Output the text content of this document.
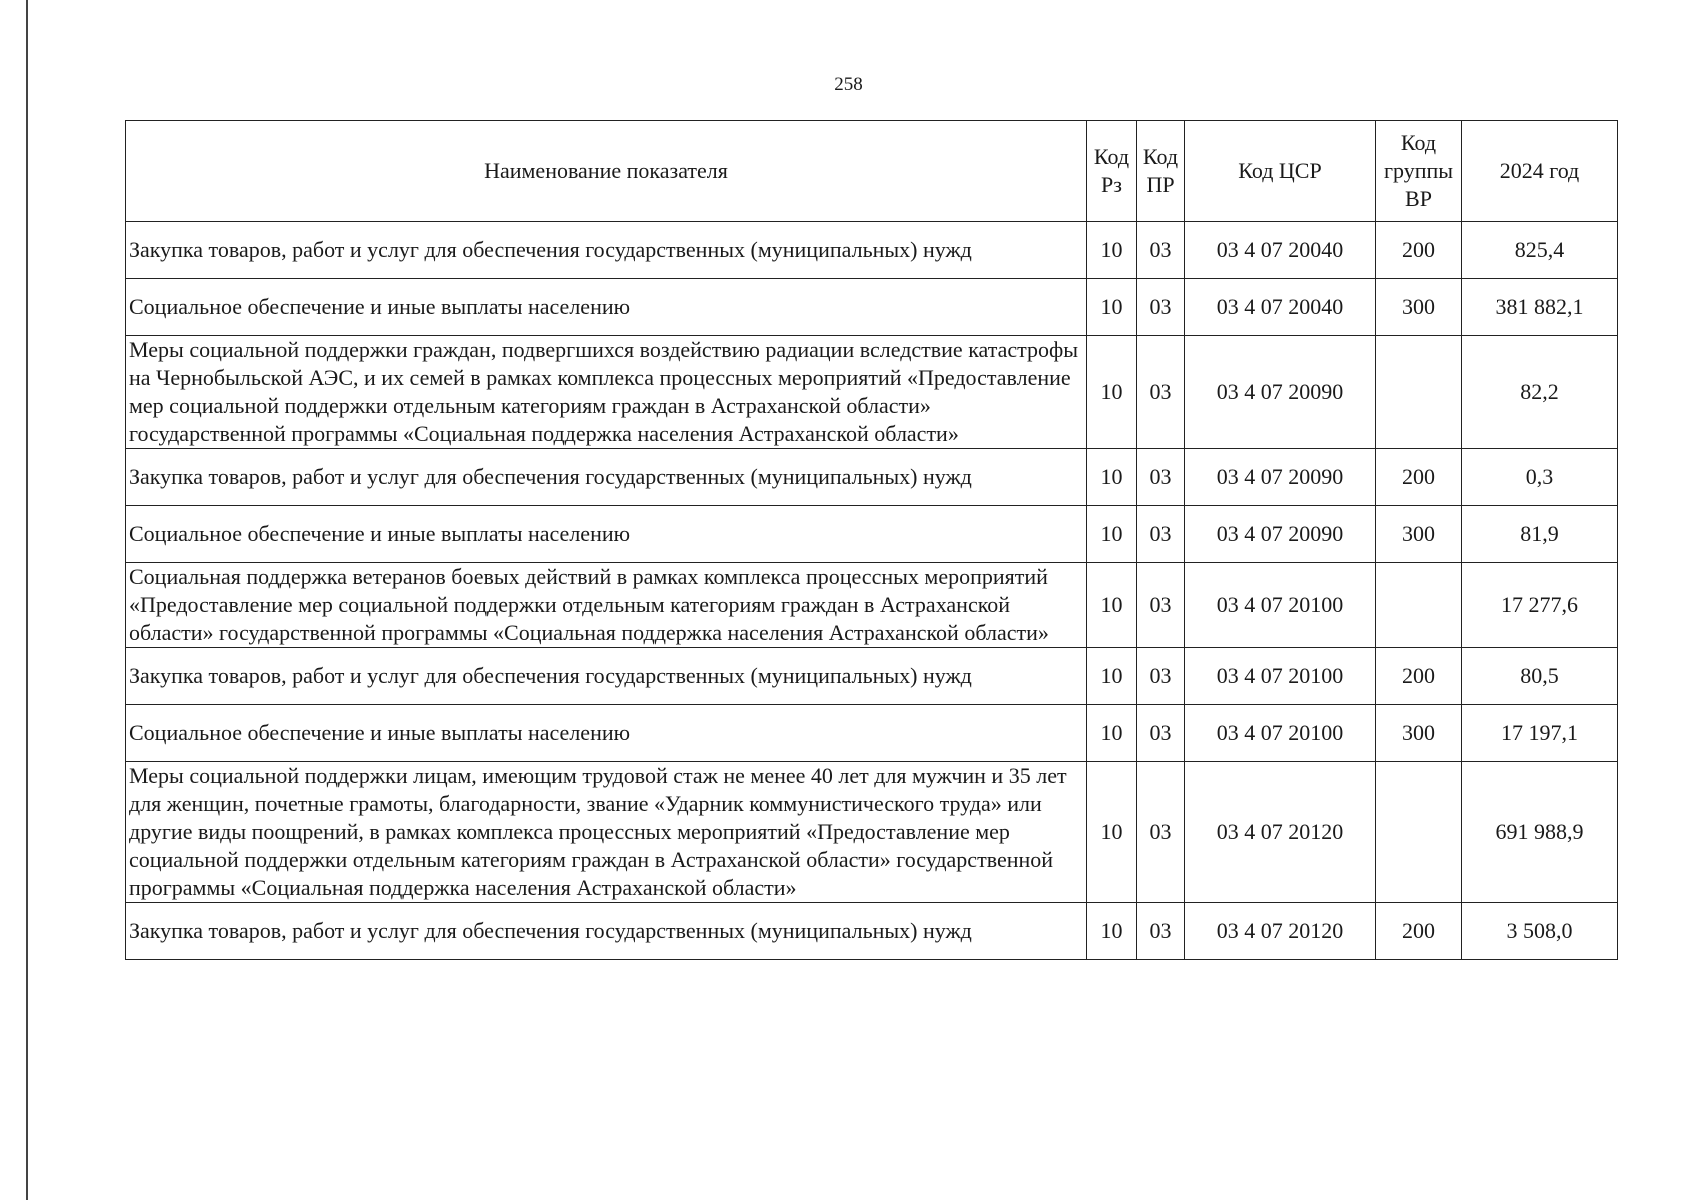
258
Наименование показателя	Код Рз	Код ПР	Код ЦСР	Код группы ВР	2024 год
Закупка товаров, работ и услуг для обеспечения государственных (муниципальных) нужд	10	03	03 4 07 20040	200	825,4
Социальное обеспечение и иные выплаты населению	10	03	03 4 07 20040	300	381 882,1
Меры социальной поддержки граждан, подвергшихся воздействию радиации вследствие катастрофы на Чернобыльской АЭС, и их семей в рамках комплекса процессных мероприятий «Предоставление мер социальной поддержки отдельным категориям граждан в Астраханской области» государственной программы «Социальная поддержка населения Астраханской области»	10	03	03 4 07 20090		82,2
Закупка товаров, работ и услуг для обеспечения государственных (муниципальных) нужд	10	03	03 4 07 20090	200	0,3
Социальное обеспечение и иные выплаты населению	10	03	03 4 07 20090	300	81,9
Социальная поддержка ветеранов боевых действий в рамках комплекса процессных мероприятий «Предоставление мер социальной поддержки отдельным категориям граждан в Астраханской области» государственной программы «Социальная поддержка населения Астраханской области»	10	03	03 4 07 20100		17 277,6
Закупка товаров, работ и услуг для обеспечения государственных (муниципальных) нужд	10	03	03 4 07 20100	200	80,5
Социальное обеспечение и иные выплаты населению	10	03	03 4 07 20100	300	17 197,1
Меры социальной поддержки лицам, имеющим трудовой стаж не менее 40 лет для мужчин и 35 лет для женщин, почетные грамоты, благодарности, звание «Ударник коммунистического труда» или другие виды поощрений, в рамках комплекса процессных мероприятий «Предоставление мер социальной поддержки отдельным категориям граждан в Астраханской области» государственной программы «Социальная поддержка населения Астраханской области»	10	03	03 4 07 20120		691 988,9
Закупка товаров, работ и услуг для обеспечения государственных (муниципальных) нужд	10	03	03 4 07 20120	200	3 508,0
